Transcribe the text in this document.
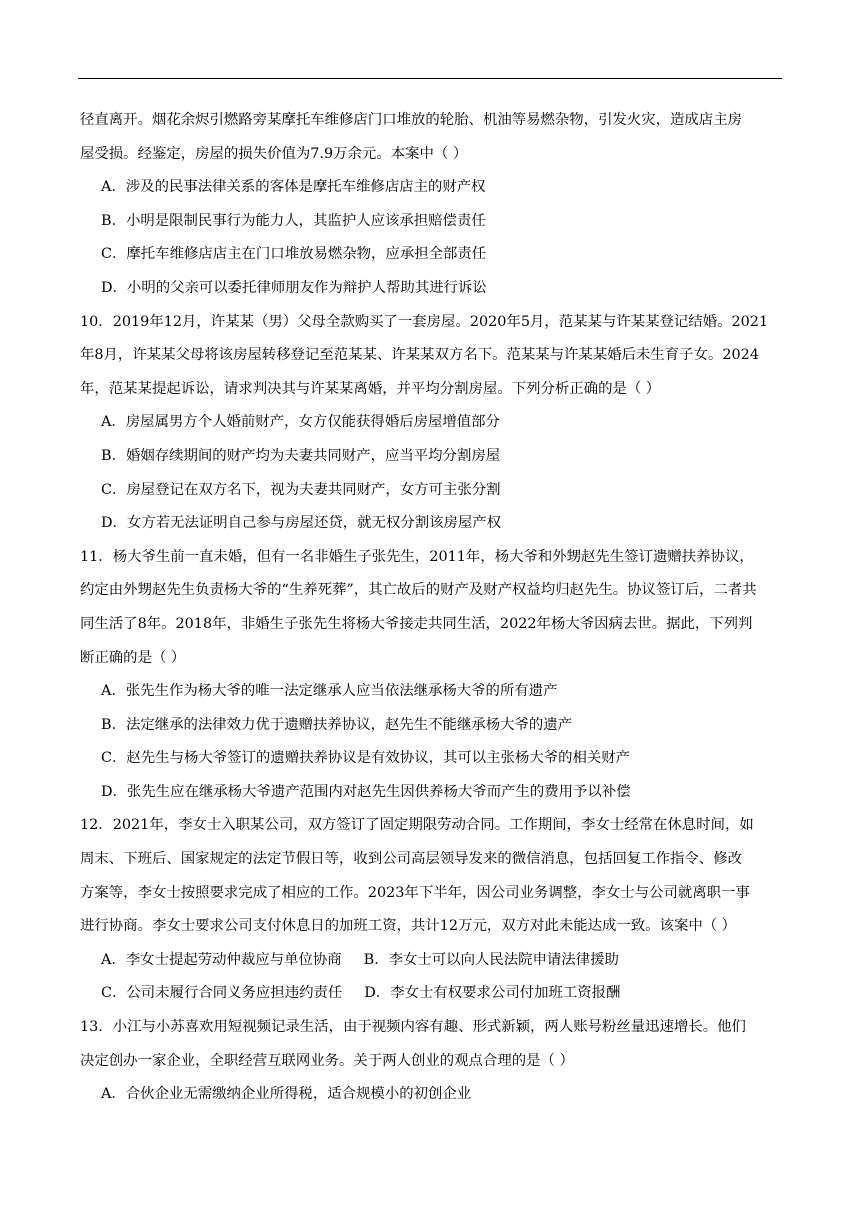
径直离开。烟花余烬引燃路旁某摩托车维修店门口堆放的轮胎、机油等易燃杂物，引发火灾，造成店主房
屋受损。经鉴定，房屋的损失价值为7.9万余元。本案中（ ）
A．涉及的民事法律关系的客体是摩托车维修店店主的财产权
B．小明是限制民事行为能力人，其监护人应该承担赔偿责任
C．摩托车维修店店主在门口堆放易燃杂物，应承担全部责任
D．小明的父亲可以委托律师朋友作为辩护人帮助其进行诉讼
10．2019年12月，许某某（男）父母全款购买了一套房屋。2020年5月，范某某与许某某登记结婚。2021
年8月，许某某父母将该房屋转移登记至范某某、许某某双方名下。范某某与许某某婚后未生育子女。2024
年，范某某提起诉讼，请求判决其与许某某离婚，并平均分割房屋。下列分析正确的是（ ）
A．房屋属男方个人婚前财产，女方仅能获得婚后房屋增值部分
B．婚姻存续期间的财产均为夫妻共同财产，应当平均分割房屋
C．房屋登记在双方名下，视为夫妻共同财产，女方可主张分割
D．女方若无法证明自己参与房屋还贷，就无权分割该房屋产权
11．杨大爷生前一直未婚，但有一名非婚生子张先生，2011年，杨大爷和外甥赵先生签订遗赠扶养协议，
约定由外甥赵先生负责杨大爷的“生养死葬”，其亡故后的财产及财产权益均归赵先生。协议签订后，二者共
同生活了8年。2018年，非婚生子张先生将杨大爷接走共同生活，2022年杨大爷因病去世。据此，下列判
断正确的是（ ）
A．张先生作为杨大爷的唯一法定继承人应当依法继承杨大爷的所有遗产
B．法定继承的法律效力优于遗赠扶养协议，赵先生不能继承杨大爷的遗产
C．赵先生与杨大爷签订的遗赠扶养协议是有效协议，其可以主张杨大爷的相关财产
D．张先生应在继承杨大爷遗产范围内对赵先生因供养杨大爷而产生的费用予以补偿
12．2021年，李女士入职某公司，双方签订了固定期限劳动合同。工作期间，李女士经常在休息时间，如
周末、下班后、国家规定的法定节假日等，收到公司高层领导发来的微信消息，包括回复工作指令、修改
方案等，李女士按照要求完成了相应的工作。2023年下半年，因公司业务调整，李女士与公司就离职一事
进行协商。李女士要求公司支付休息日的加班工资，共计12万元，双方对此未能达成一致。该案中（ ）
A．李女士提起劳动仲裁应与单位协商 B．李女士可以向人民法院申请法律援助
C．公司未履行合同义务应担违约责任 D．李女士有权要求公司付加班工资报酬
13．小江与小苏喜欢用短视频记录生活，由于视频内容有趣、形式新颖，两人账号粉丝量迅速增长。他们
决定创办一家企业，全职经营互联网业务。关于两人创业的观点合理的是（ ）
A．合伙企业无需缴纳企业所得税，适合规模小的初创企业
